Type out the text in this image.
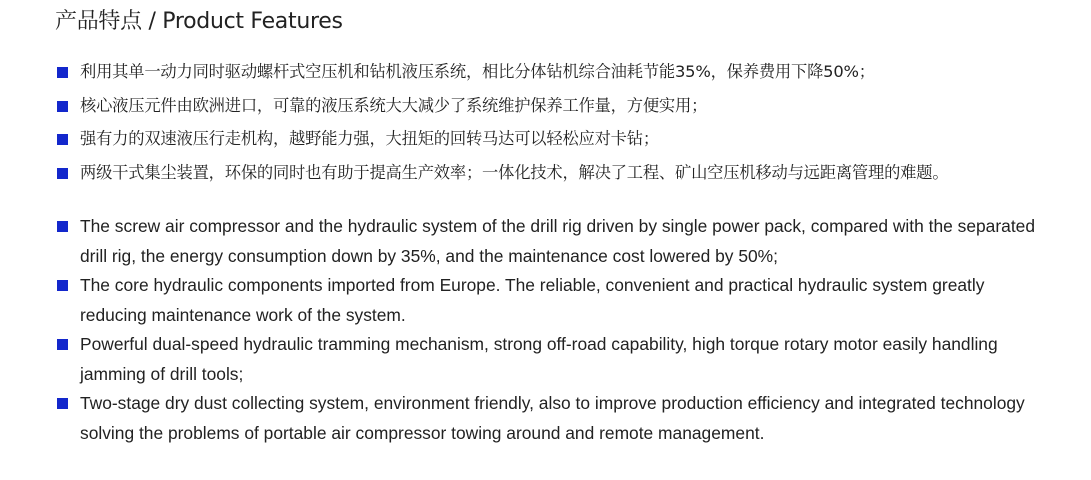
产品特点 / Product Features
利用其单一动力同时驱动螺杆式空压机和钻机液压系统，相比分体钻机综合油耗节能35%，保养费用下降50%；
核心液压元件由欧洲进口，可靠的液压系统大大减少了系统维护保养工作量，方便实用；
强有力的双速液压行走机构，越野能力强，大扭矩的回转马达可以轻松应对卡钻；
两级干式集尘装置，环保的同时也有助于提高生产效率；一体化技术，解决了工程、矿山空压机移动与远距离管理的难题。
The screw air compressor and the hydraulic system of the drill rig driven by single power pack, compared with the separated drill rig, the energy consumption down by 35%, and the maintenance cost lowered by 50%;
The core hydraulic components imported from Europe. The reliable, convenient and practical hydraulic system greatly reducing maintenance work of the system.
Powerful dual-speed hydraulic tramming mechanism, strong off-road capability, high torque rotary motor easily handling jamming of drill tools;
Two-stage dry dust collecting system, environment friendly, also to improve production efficiency and integrated technology solving the problems of portable air compressor towing around and remote management.
